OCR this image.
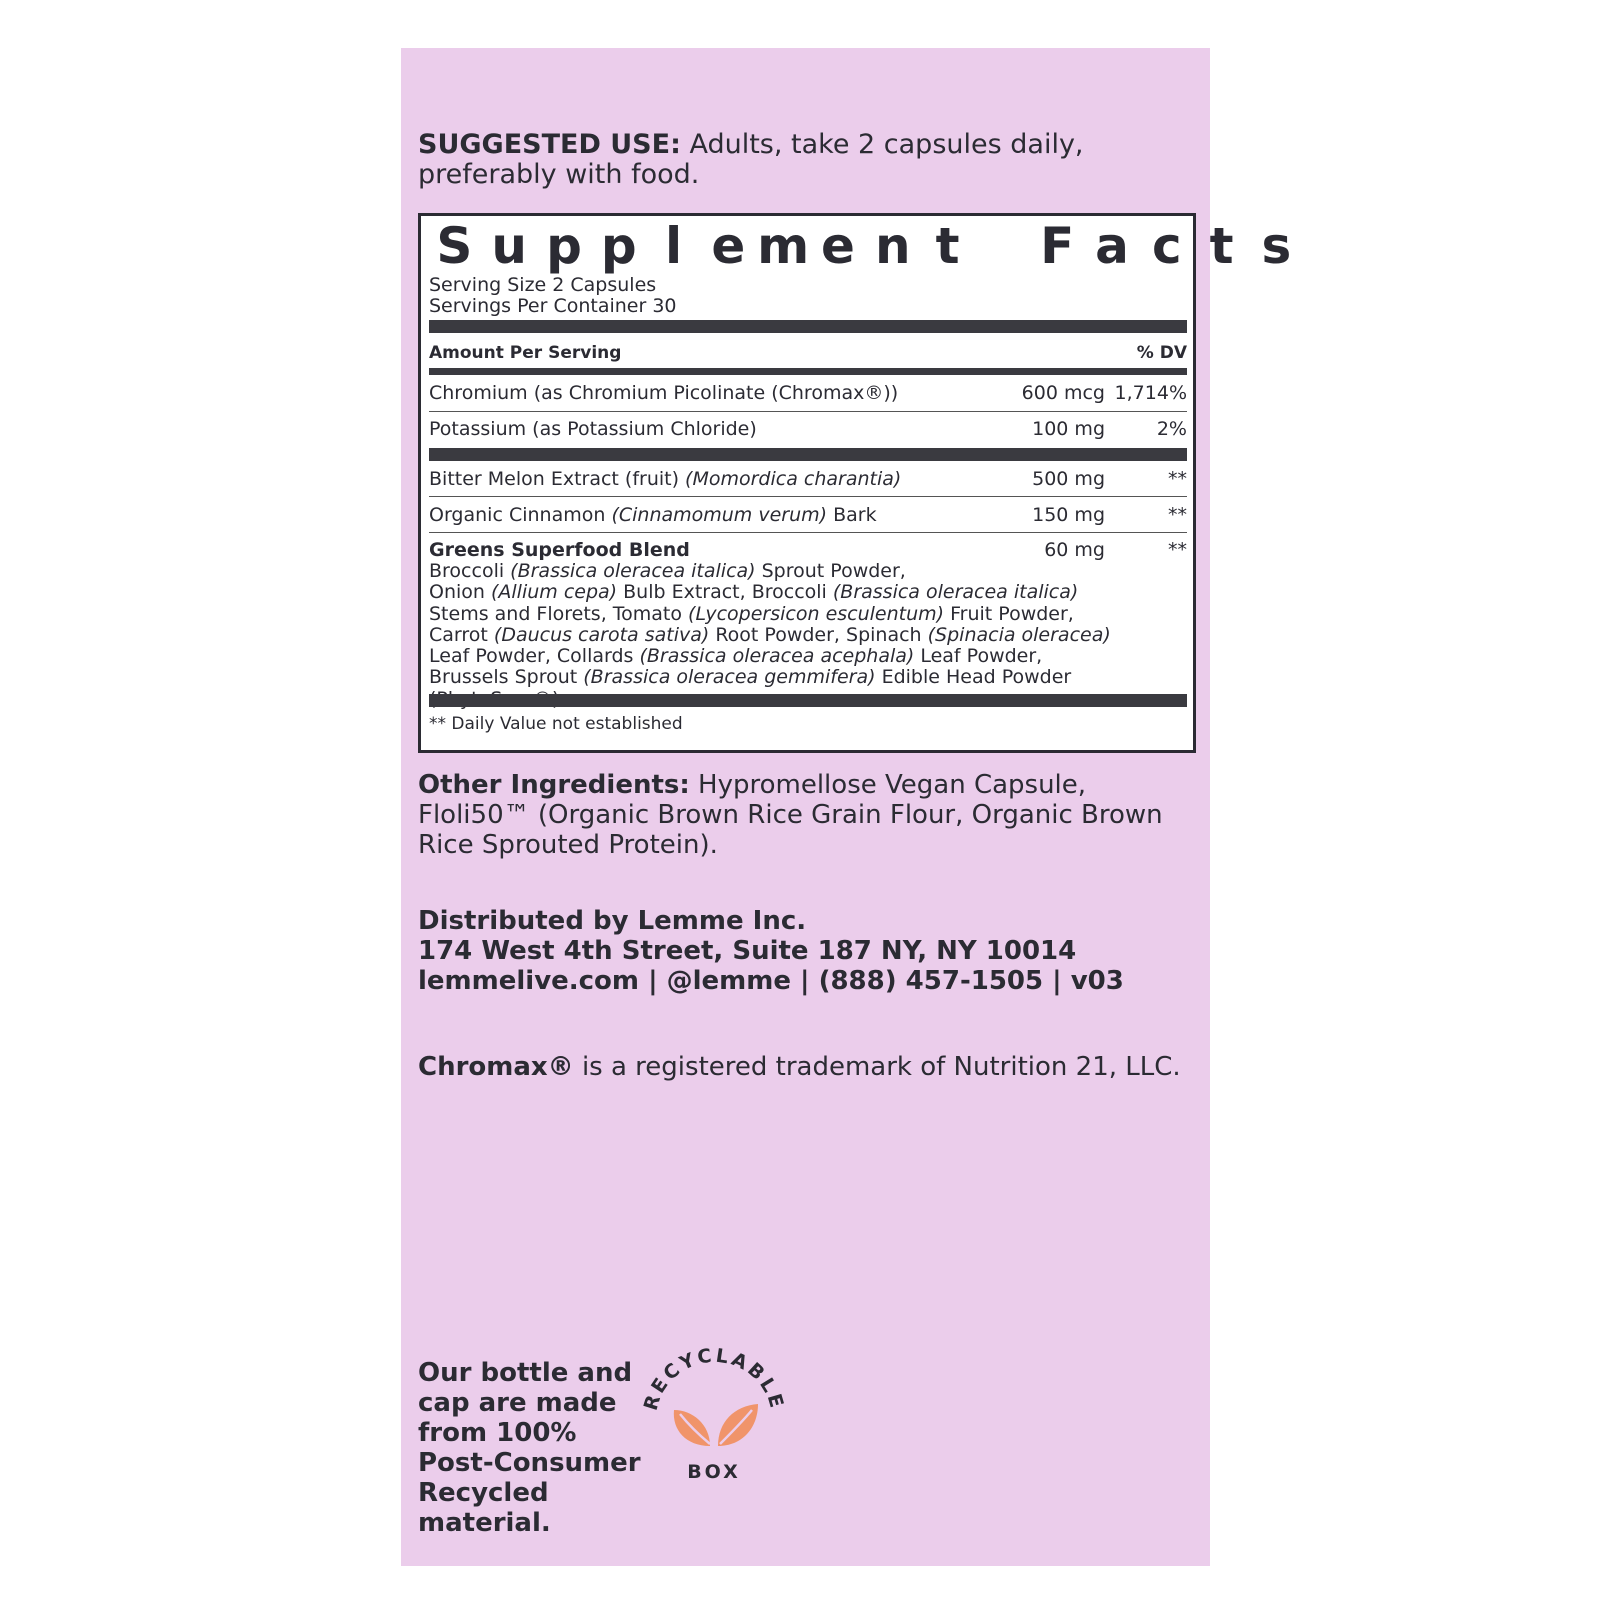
SUGGESTED USE: Adults, take 2 capsules daily, preferably with food.
S u p p l e m e n t F a c t s
Serving Size 2 Capsules
Servings Per Container 30
Amount Per Serving	% DV
Chromium (as Chromium Picolinate (Chromax®))	600 mcg 1,714%
Potassium (as Potassium Chloride)	100 mg	2%
Bitter Melon Extract (fruit) (Momordica charantia)	500 mg	**
Organic Cinnamon (Cinnamomum verum) Bark	150 mg	**
Greens Superfood Blend	60 mg	**
Broccoli (Brassica oleracea italica) Sprout Powder,
Onion (Allium cepa) Bulb Extract, Broccoli (Brassica oleracea italica)
Stems and Florets, Tomato (Lycopersicon esculentum) Fruit Powder,
Carrot (Daucus carota sativa) Root Powder, Spinach (Spinacia oleracea)
Leaf Powder, Collards (Brassica oleracea acephala) Leaf Powder,
Brussels Sprout (Brassica oleracea gemmifera) Edible Head Powder
** Daily Value not established
Other Ingredients: Hypromellose Vegan Capsule, Floli50™ (Organic Brown Rice Grain Flour, Organic Brown Rice Sprouted Protein).
Distributed by Lemme Inc.
174 West 4th Street, Suite 187 NY, NY 10014
lemmelive.com | @lemme | (888) 457-1505 | v03
Chromax® is a registered trademark of Nutrition 21, LLC.
Our bottle and
cap are made
from 100%
Post-Consumer
Recycled material.
RECYCLABLE
BOX
